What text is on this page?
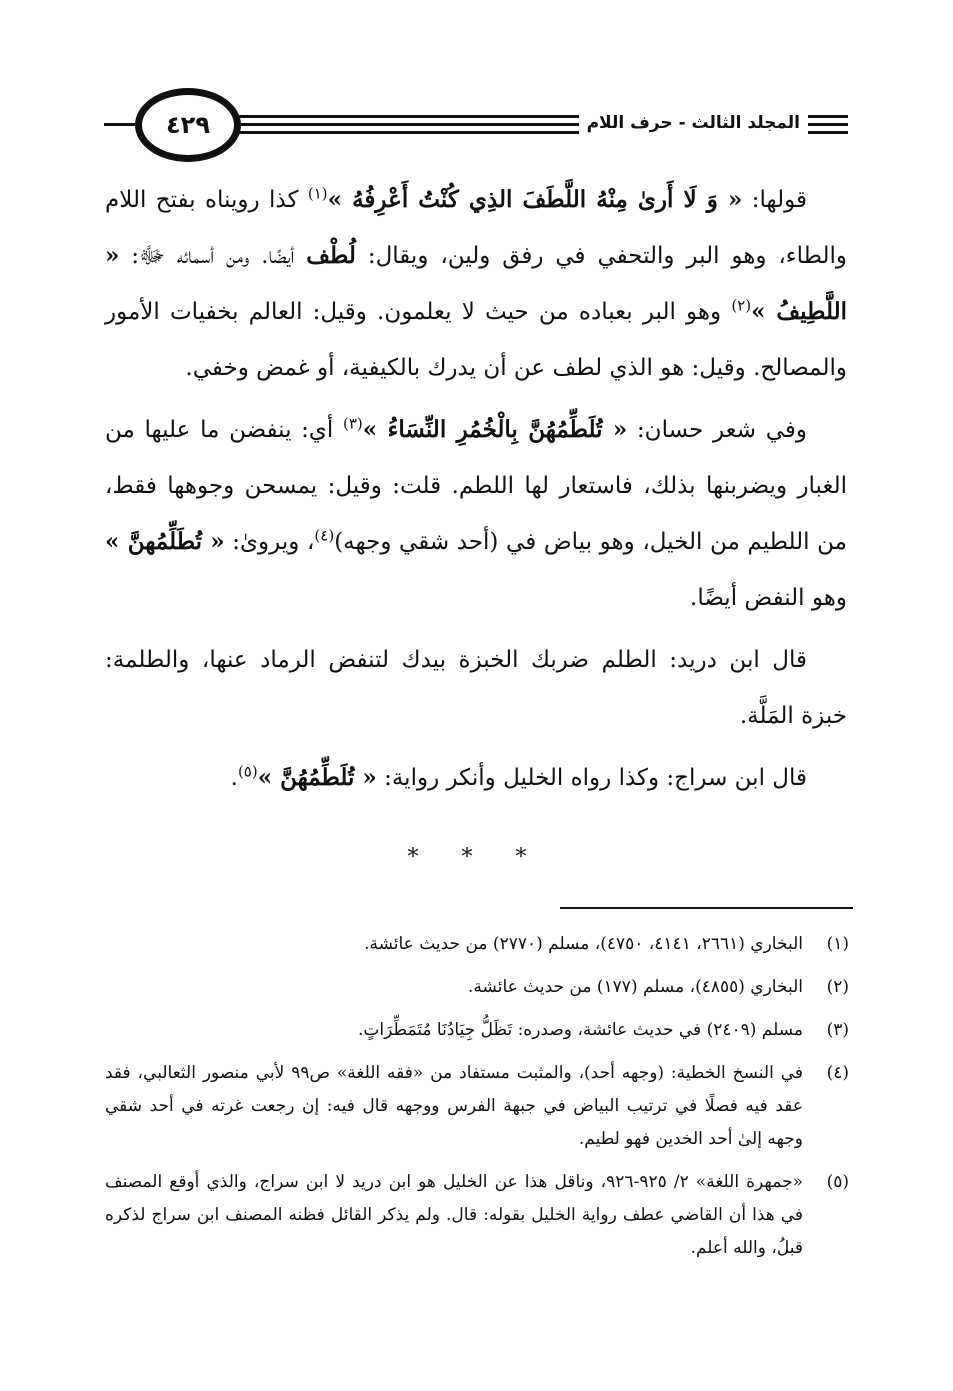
المجلد الثالث - حرف اللام
٤٢٩

قولها: « وَ لَا أَرىٰ مِنْهُ اللَّطَفَ الذِي كُنْتُ أَعْرِفُهُ »$^{(١)}$ كذا رويناه بفتح اللام والطاء، وهو البر والتحفي في رفق ولين، ويقال: لُطْف أيضًا. ومن أسمائه ﷻ: « اللَّطِيفُ »$^{(٢)}$ وهو البر بعباده من حيث لا يعلمون. وقيل: العالم بخفيات الأمور والمصالح. وقيل: هو الذي لطف عن أن يدرك بالكيفية، أو غمض وخفي.

وفي شعر حسان: « تُلَطِّمُهُنَّ بِالْخُمُرِ النِّسَاءُ »$^{(٣)}$ أي: ينفضن ما عليها من الغبار ويضربنها بذلك، فاستعار لها اللطم. قلت: وقيل: يمسحن وجوهها فقط، من اللطيم من الخيل، وهو بياض في (أحد شقي وجهه)$^{(٤)}$، ويروىٰ: « تُطَلِّمُهنَّ » وهو النفض أيضًا.

قال ابن دريد: الطلم ضربك الخبزة بيدك لتنفض الرماد عنها، والطلمة: خبزة المَلَّة.

قال ابن سراج: وكذا رواه الخليل وأنكر رواية: « تُلَطِّمُهُنَّ »$^{(٥)}$.

* * *

(١)
البخاري (٢٦٦١، ٤١٤١، ٤٧٥٠)، مسلم (٢٧٧٠) من حديث عائشة.
(٢)
البخاري (٤٨٥٥)، مسلم (١٧٧) من حديث عائشة.
(٣)
مسلم (٢٤٠٩) في حديث عائشة، وصدره: تَظَلُّ جِيَادُنَا مُتَمَطِّرَاتٍ.
(٤)
في النسخ الخطية: (وجهه أحد)، والمثبت مستفاد من «فقه اللغة» ص٩٩ لأبي منصور الثعالبي، فقد عقد فيه فصلًا في ترتيب البياض في جبهة الفرس ووجهه قال فيه: إن رجعت غرته في أحد شقي وجهه إلىٰ أحد الخدين فهو لطيم.
(٥)
«جمهرة اللغة» ٢/ ٩٢٥-٩٢٦، وناقل هذا عن الخليل هو ابن دريد لا ابن سراج، والذي أوقع المصنف في هذا أن القاضي عطف رواية الخليل بقوله: قال. ولم يذكر القائل فظنه المصنف ابن سراج لذكره قبلُ، والله أعلم.
